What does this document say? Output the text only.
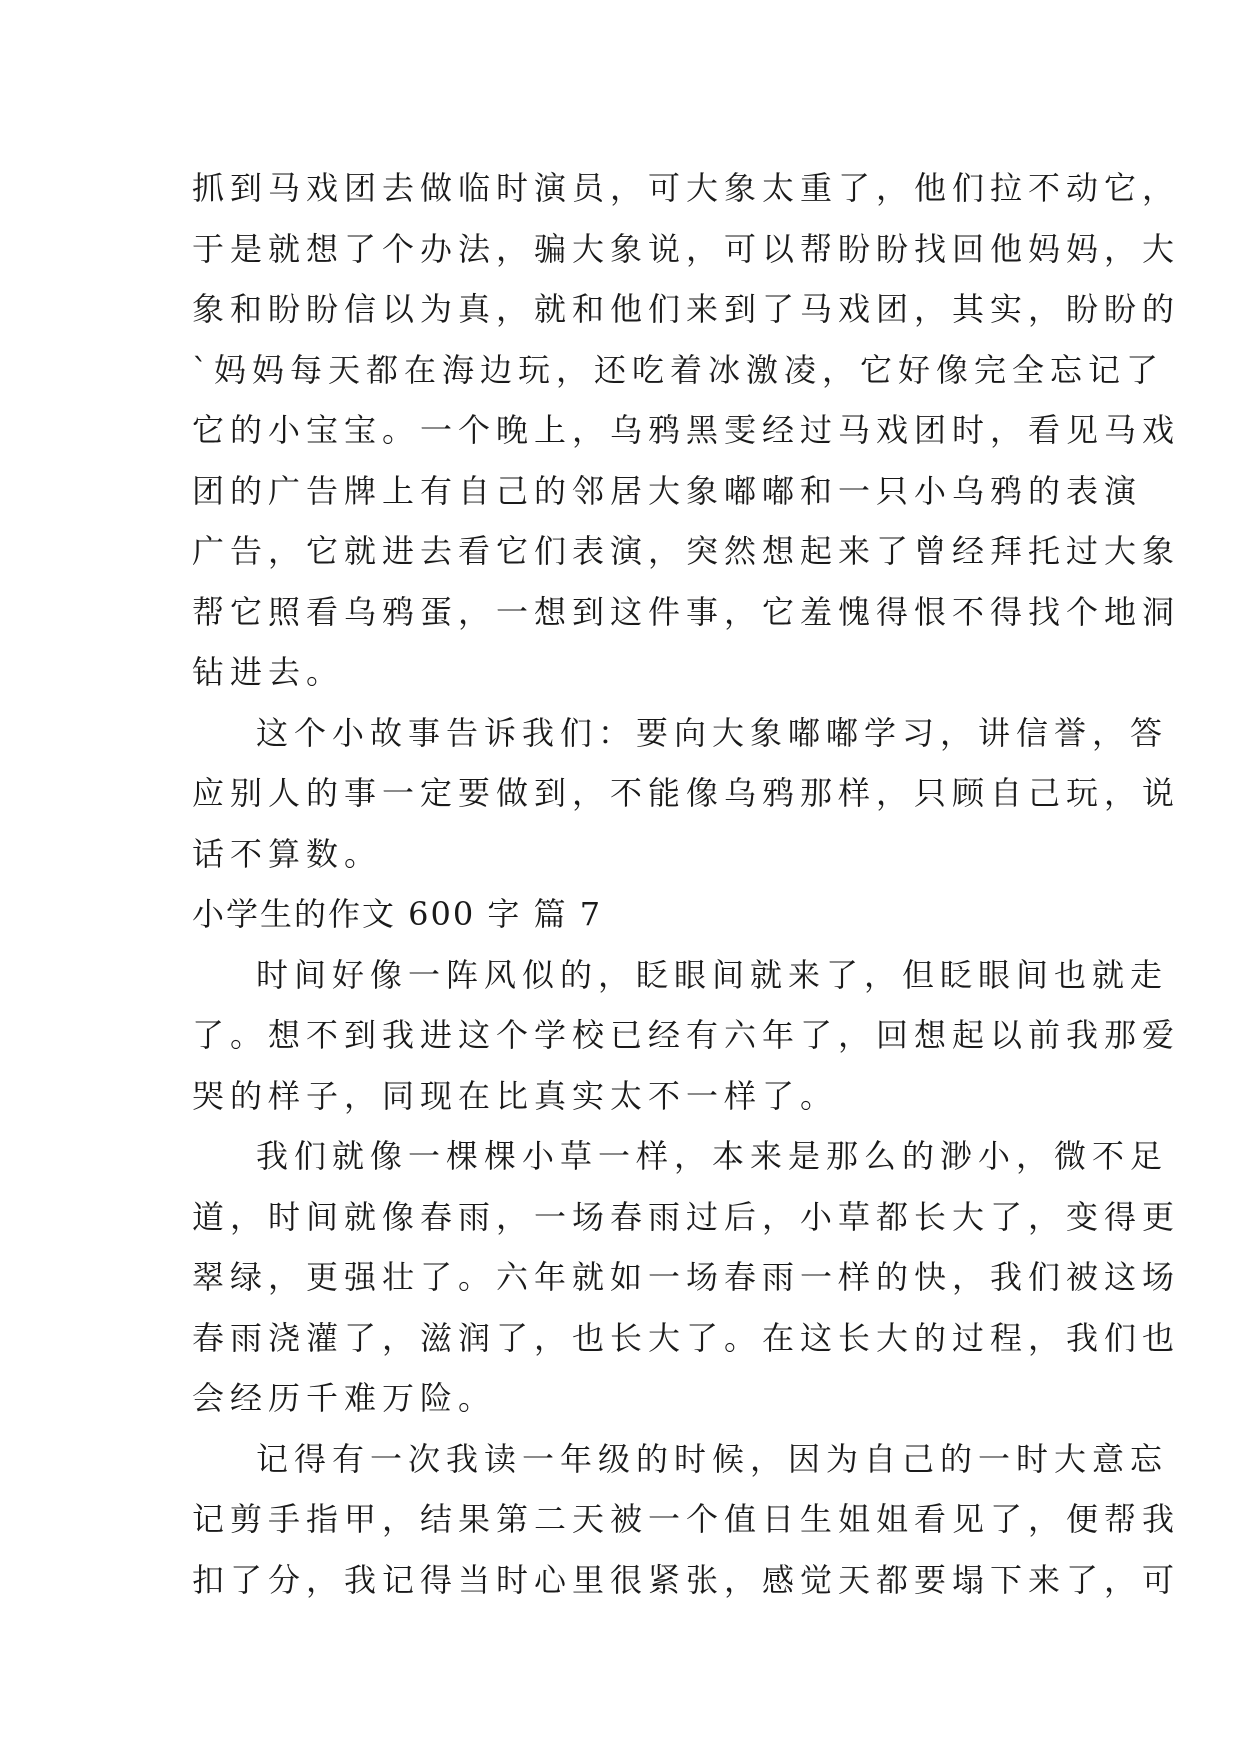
抓到马戏团去做临时演员，可大象太重了，他们拉不动它，
于是就想了个办法，骗大象说，可以帮盼盼找回他妈妈，大
象和盼盼信以为真，就和他们来到了马戏团，其实，盼盼的
`妈妈每天都在海边玩，还吃着冰激凌，它好像完全忘记了
它的小宝宝。一个晚上，乌鸦黑雯经过马戏团时，看见马戏
团的广告牌上有自己的邻居大象嘟嘟和一只小乌鸦的表演
广告，它就进去看它们表演，突然想起来了曾经拜托过大象
帮它照看乌鸦蛋，一想到这件事，它羞愧得恨不得找个地洞
钻进去。
这个小故事告诉我们：要向大象嘟嘟学习，讲信誉，答
应别人的事一定要做到，不能像乌鸦那样，只顾自己玩，说
话不算数。
小学生的作文 600 字 篇 7
时间好像一阵风似的，眨眼间就来了，但眨眼间也就走
了。想不到我进这个学校已经有六年了，回想起以前我那爱
哭的样子，同现在比真实太不一样了。
我们就像一棵棵小草一样，本来是那么的渺小，微不足
道，时间就像春雨，一场春雨过后，小草都长大了，变得更
翠绿，更强壮了。六年就如一场春雨一样的快，我们被这场
春雨浇灌了，滋润了，也长大了。在这长大的过程，我们也
会经历千难万险。
记得有一次我读一年级的时候，因为自己的一时大意忘
记剪手指甲，结果第二天被一个值日生姐姐看见了，便帮我
扣了分，我记得当时心里很紧张，感觉天都要塌下来了，可
